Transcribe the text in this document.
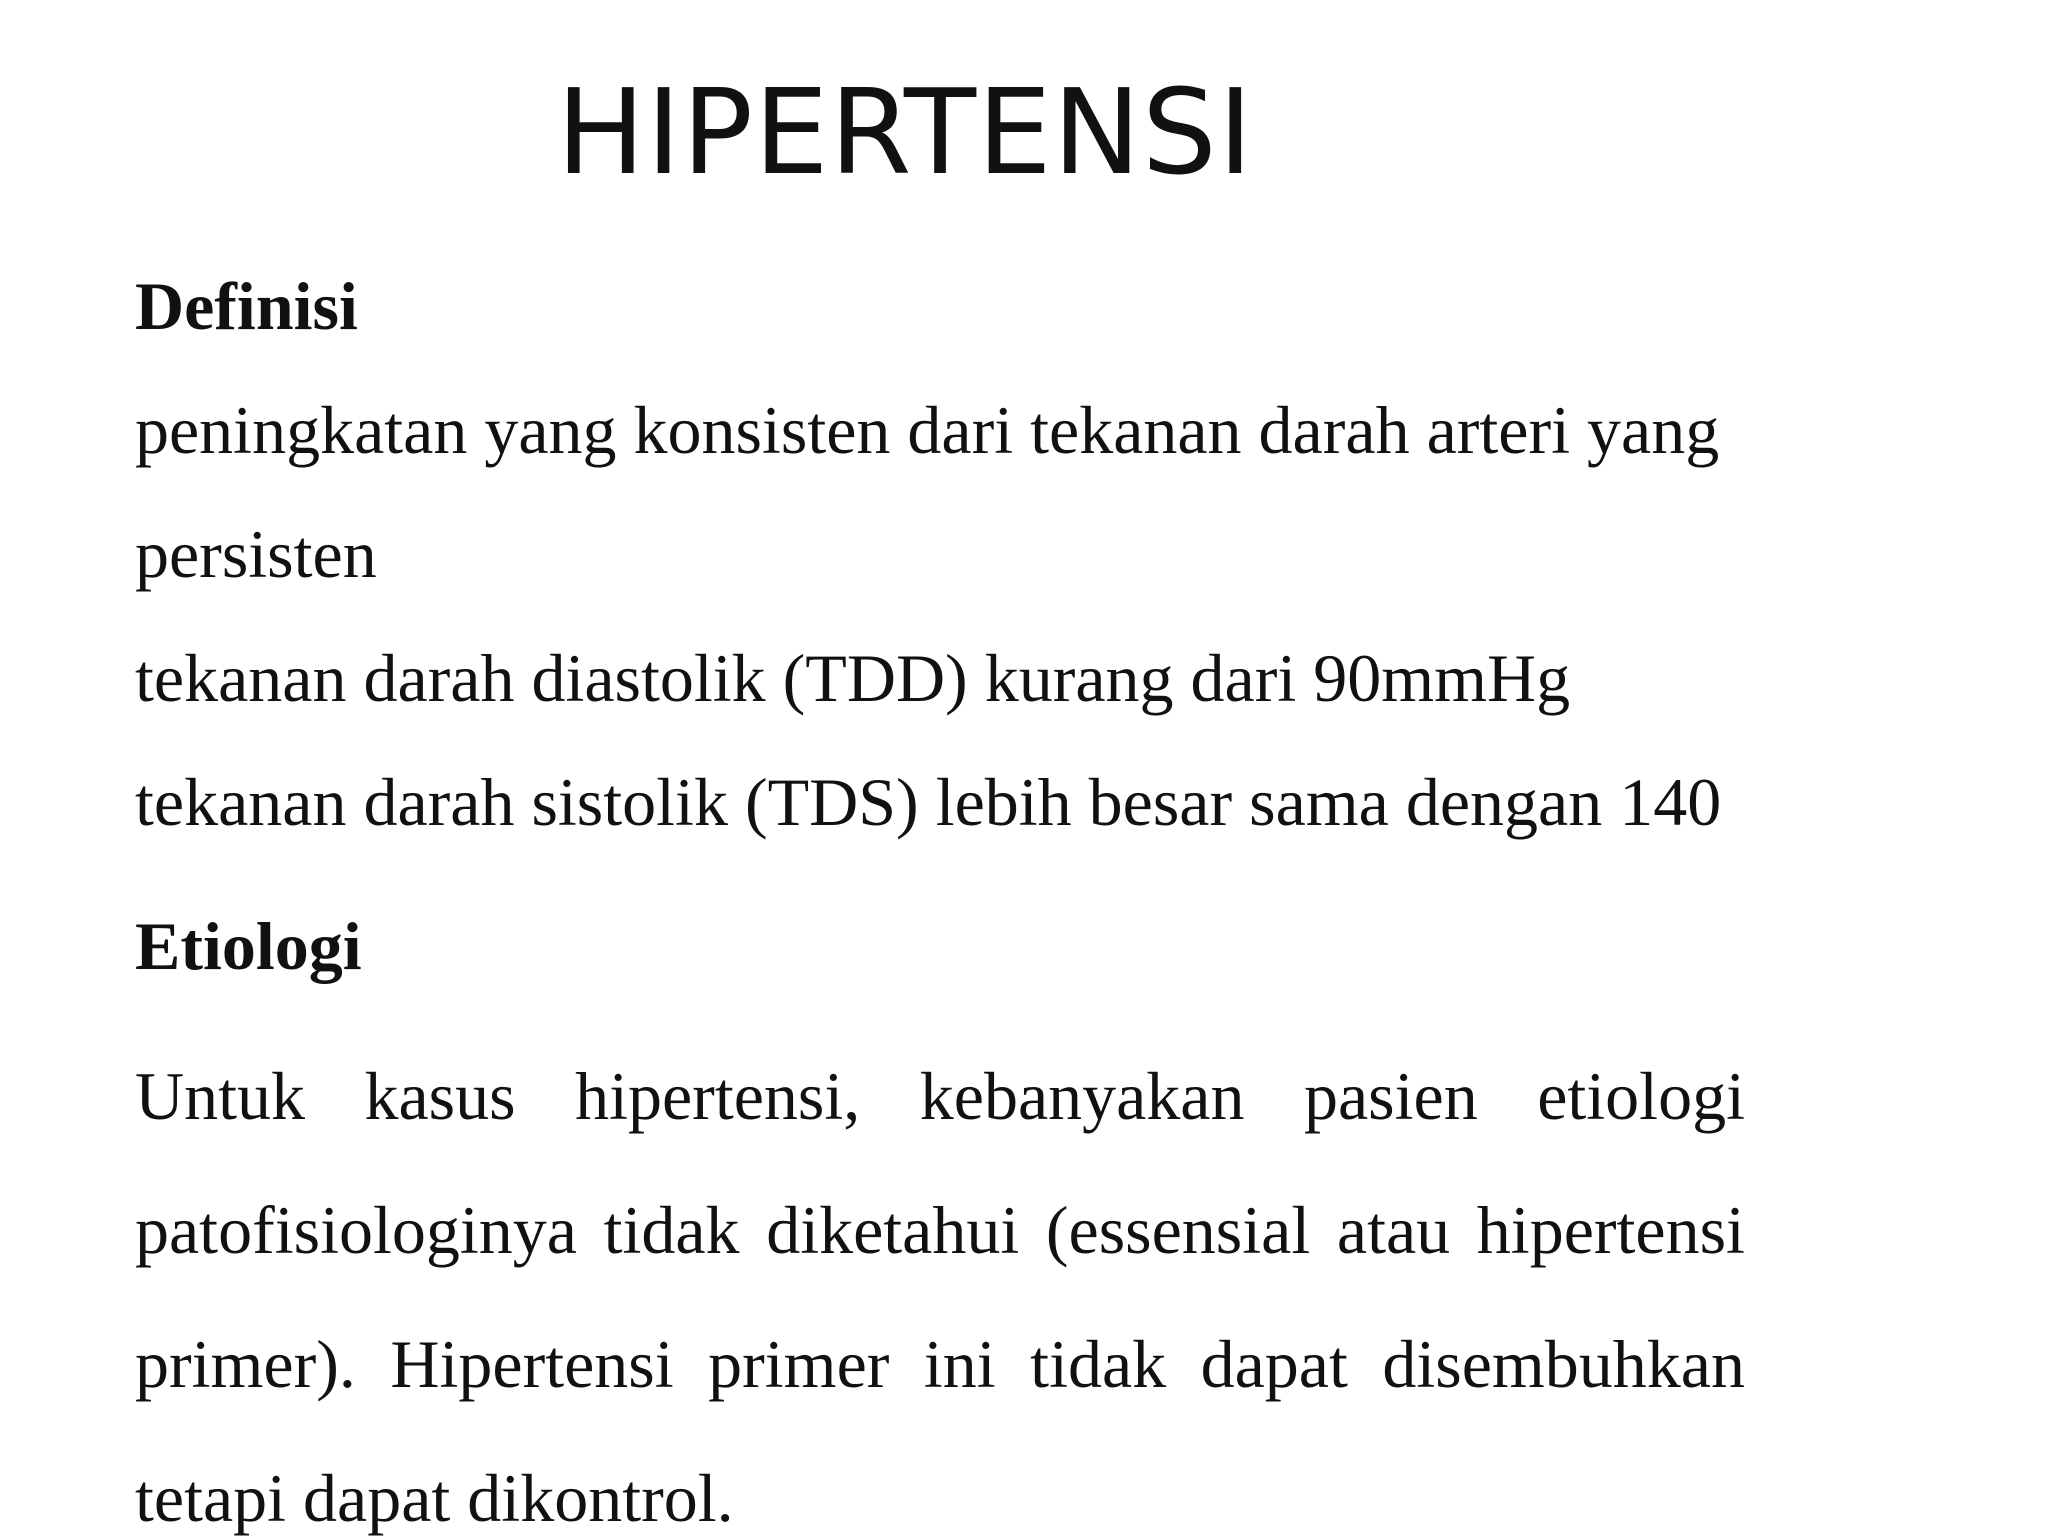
HIPERTENSI

Definisi

peningkatan yang konsisten dari tekanan darah arteri yang

persisten

tekanan darah diastolik (TDD) kurang dari 90mmHg

tekanan darah sistolik (TDS) lebih besar sama dengan 140

Etiologi

Untuk kasus hipertensi, kebanyakan pasien etiologi

patofisiologinya tidak diketahui (essensial atau hipertensi

primer). Hipertensi primer ini tidak dapat disembuhkan

tetapi dapat dikontrol.
